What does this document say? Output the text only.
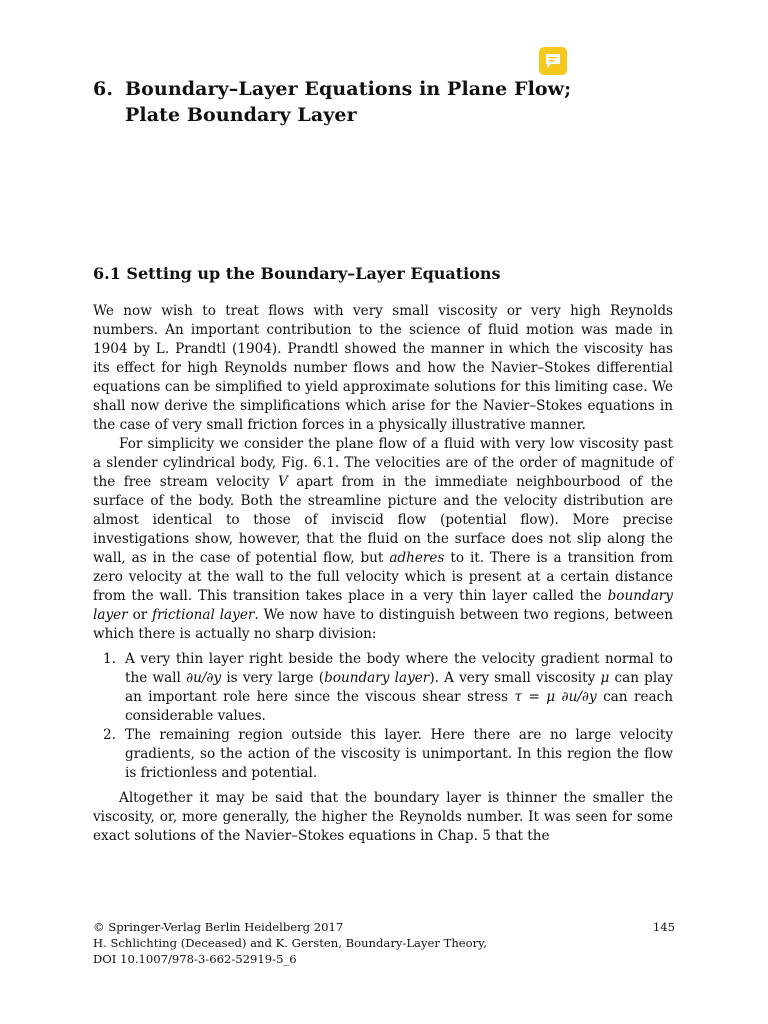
6. Boundary–Layer Equations in Plane Flow;
Plate Boundary Layer
6.1 Setting up the Boundary–Layer Equations

We now wish to treat flows with very small viscosity or very high Reynolds numbers. An important contribution to the science of fluid motion was made in 1904 by L. Prandtl (1904). Prandtl showed the manner in which the viscosity has its effect for high Reynolds number flows and how the Navier–Stokes differential equations can be simplified to yield approximate solutions for this limiting case. We shall now derive the simplifications which arise for the Navier–Stokes equations in the case of very small friction forces in a physically illustrative manner.

For simplicity we consider the plane flow of a fluid with very low viscosity past a slender cylindrical body, Fig. 6.1. The velocities are of the order of magnitude of the free stream velocity V apart from in the immediate neighbourbood of the surface of the body. Both the streamline picture and the velocity distribution are almost identical to those of inviscid flow (potential flow). More precise investigations show, however, that the fluid on the surface does not slip along the wall, as in the case of potential flow, but adheres to it. There is a transition from zero velocity at the wall to the full velocity which is present at a certain distance from the wall. This transition takes place in a very thin layer called the boundary layer or frictional layer. We now have to distinguish between two regions, between which there is actually no sharp division:

1. A very thin layer right beside the body where the velocity gradient normal to the wall ∂u/∂y is very large (boundary layer). A very small viscosity μ can play an important role here since the viscous shear stress τ = μ ∂u/∂y can reach considerable values.
2. The remaining region outside this layer. Here there are no large velocity gradients, so the action of the viscosity is unimportant. In this region the flow is frictionless and potential.

Altogether it may be said that the boundary layer is thinner the smaller the viscosity, or, more generally, the higher the Reynolds number. It was seen for some exact solutions of the Navier–Stokes equations in Chap. 5 that the

© Springer-Verlag Berlin Heidelberg 2017	145
H. Schlichting (Deceased) and K. Gersten, Boundary-Layer Theory,
DOI 10.1007/978-3-662-52919-5_6
